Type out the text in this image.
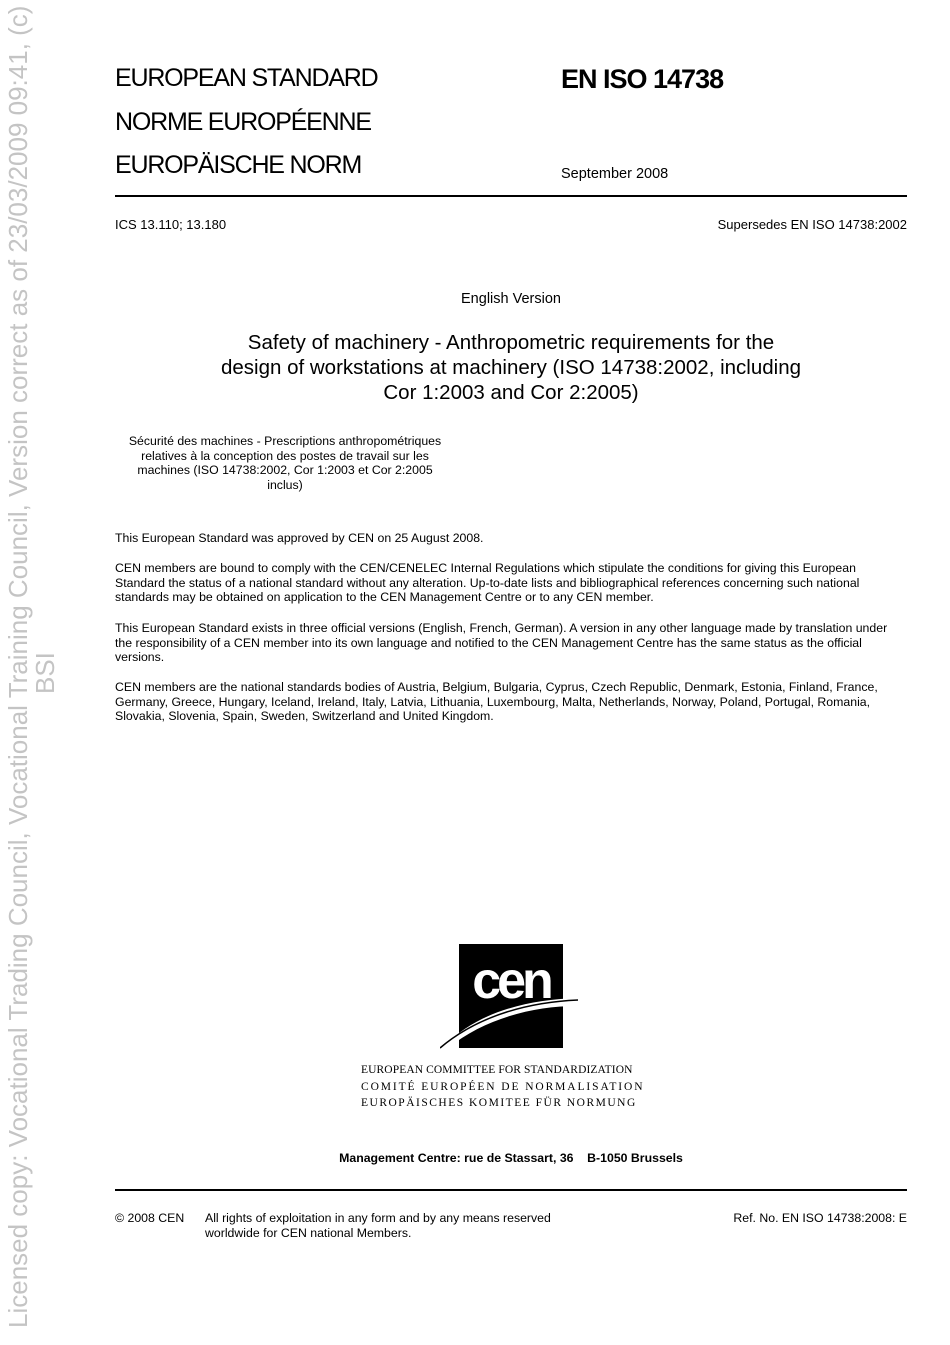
Licensed copy: Vocational Trading Council, Vocational Training Council, Version correct as of 23/03/2009 09:41, (c)
BSI
EUROPEAN STANDARD
NORME EUROPÉENNE
EUROPÄISCHE NORM
EN ISO 14738
September 2008
ICS 13.110; 13.180	Supersedes EN ISO 14738:2002
English Version
Safety of machinery - Anthropometric requirements for the
design of workstations at machinery (ISO 14738:2002, including
Cor 1:2003 and Cor 2:2005)
Sécurité des machines - Prescriptions anthropométriques
relatives à la conception des postes de travail sur les
machines (ISO 14738:2002, Cor 1:2003 et Cor 2:2005
inclus)
This European Standard was approved by CEN on 25 August 2008.
CEN members are bound to comply with the CEN/CENELEC Internal Regulations which stipulate the conditions for giving this European Standard the status of a national standard without any alteration. Up-to-date lists and bibliographical references concerning such national standards may be obtained on application to the CEN Management Centre or to any CEN member.
This European Standard exists in three official versions (English, French, German). A version in any other language made by translation under the responsibility of a CEN member into its own language and notified to the CEN Management Centre has the same status as the official versions.
CEN members are the national standards bodies of Austria, Belgium, Bulgaria, Cyprus, Czech Republic, Denmark, Estonia, Finland, France, Germany, Greece, Hungary, Iceland, Ireland, Italy, Latvia, Lithuania, Luxembourg, Malta, Netherlands, Norway, Poland, Portugal, Romania, Slovakia, Slovenia, Spain, Sweden, Switzerland and United Kingdom.
cen
EUROPEAN COMMITTEE FOR STANDARDIZATION
COMITÉ EUROPÉEN DE NORMALISATION
EUROPÄISCHES KOMITEE FÜR NORMUNG
Management Centre: rue de Stassart, 36    B-1050 Brussels
© 2008 CEN All rights of exploitation in any form and by any means reserved
worldwide for CEN national Members.
Ref. No. EN ISO 14738:2008: E
